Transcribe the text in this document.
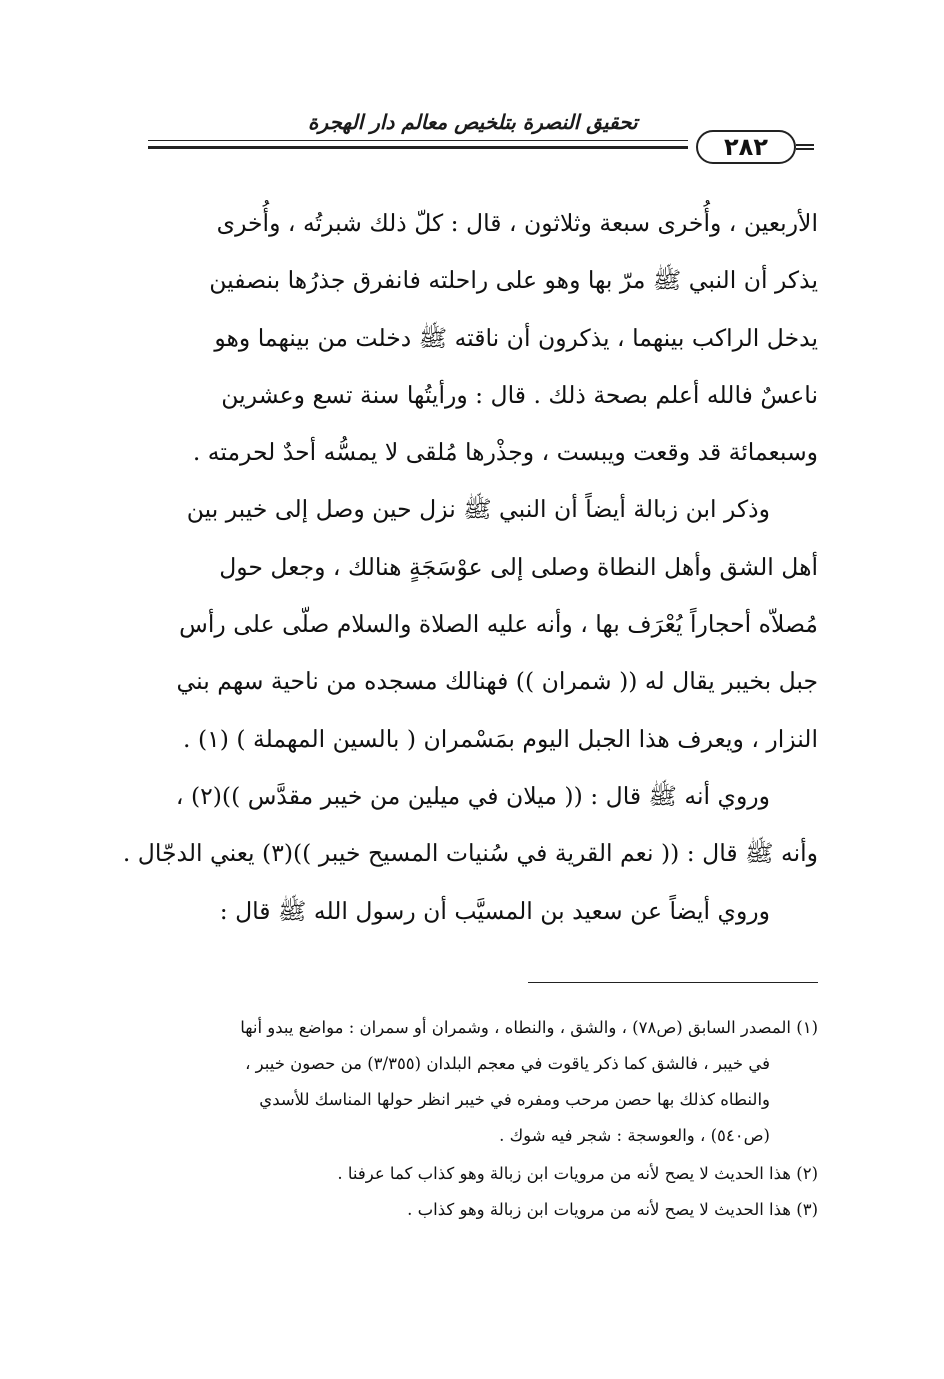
تحقيق النصرة بتلخيص معالم دار الهجرة
٢٨٢

الأربعين ، وأُخرى سبعة وثلاثون ، قال : كلّ ذلك شبرتُه ، وأُخرى

يذكر أن النبي ﷺ مرّ بها وهو على راحلته فانفرق جذرُها بنصفين

يدخل الراكب بينهما ، يذكرون أن ناقته ﷺ دخلت من بينهما وهو

ناعسٌ فالله أعلم بصحة ذلك . قال : ورأيتُها سنة تسع وعشرين

وسبعمائة قد وقعت ويبست ، وجذْرها مُلقى لا يمسُّه أحدٌ لحرمته .

وذكر ابن زبالة أيضاً أن النبي ﷺ نزل حين وصل إلى خيبر بين

أهل الشق وأهل النطاة وصلى إلى عوْسَجَةٍ هنالك ، وجعل حول

مُصلاّه أحجاراً يُعْرَف بها ، وأنه عليه الصلاة والسلام صلّى على رأس

جبل بخيبر يقال له (( شمران )) فهنالك مسجده من ناحية سهم بني

النزار ، ويعرف هذا الجبل اليوم بمَسْمران ( بالسين المهملة ) (١) .

وروي أنه ﷺ قال : (( ميلان في ميلين من خيبر مقدَّس ))(٢) ،

وأنه ﷺ قال : (( نعم القرية في سُنيات المسيح خيبر ))(٣) يعني الدجّال .

وروي أيضاً عن سعيد بن المسيَّب أن رسول الله ﷺ قال :

(١) المصدر السابق (ص٧٨) ، والشق ، والنطاه ، وشمران أو سمران : مواضع يبدو أنها

في خيبر ، فالشق كما ذكر ياقوت في معجم البلدان (٣/٣٥٥) من حصون خيبر ،

والنطاه كذلك بها حصن مرحب ومفره في خيبر انظر حولها المناسك للأسدي

(ص٥٤٠) ، والعوسجة : شجر فيه شوك .

(٢) هذا الحديث لا يصح لأنه من مرويات ابن زبالة وهو كذاب كما عرفنا .

(٣) هذا الحديث لا يصح لأنه من مرويات ابن زبالة وهو كذاب .
